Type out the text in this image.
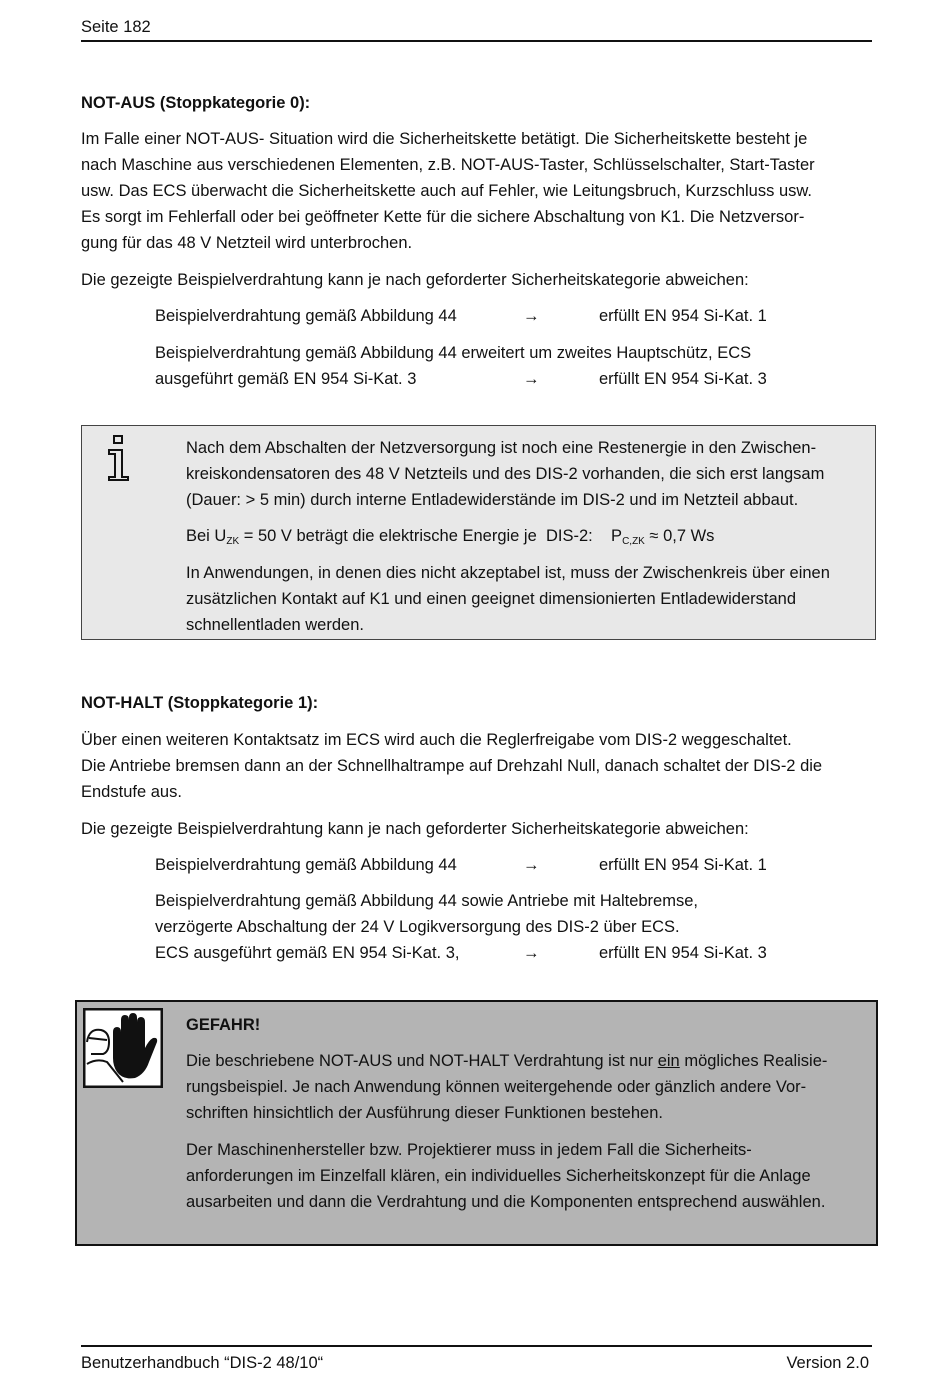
Seite 182
NOT-AUS (Stoppkategorie 0):
Im Falle einer NOT-AUS- Situation wird die Sicherheitskette betätigt. Die Sicherheitskette besteht je
nach Maschine aus verschiedenen Elementen, z.B. NOT-AUS-Taster, Schlüsselschalter, Start-Taster
usw. Das ECS überwacht die Sicherheitskette auch auf Fehler, wie Leitungsbruch, Kurzschluss usw.
Es sorgt im Fehlerfall oder bei geöffneter Kette für die sichere Abschaltung von K1. Die Netzversor-
gung für das 48 V Netzteil wird unterbrochen.
Die gezeigte Beispielverdrahtung kann je nach geforderter Sicherheitskategorie abweichen:
Beispielverdrahtung gemäß Abbildung 44	→	erfüllt EN 954 Si-Kat. 1
Beispielverdrahtung gemäß Abbildung 44 erweitert um zweites Hauptschütz, ECS
ausgeführt gemäß EN 954 Si-Kat. 3	→	erfüllt EN 954 Si-Kat. 3
Nach dem Abschalten der Netzversorgung ist noch eine Restenergie in den Zwischen-
kreiskondensatoren des 48 V Netzteils und des DIS-2 vorhanden, die sich erst langsam
(Dauer: > 5 min) durch interne Entladewiderstände im DIS-2 und im Netzteil abbaut.
Bei $U_{ZK} = 50$ V beträgt die elektrische Energie je  DIS-2:    $P_{C,ZK} \approx 0,7$ Ws
In Anwendungen, in denen dies nicht akzeptabel ist, muss der Zwischenkreis über einen
zusätzlichen Kontakt auf K1 und einen geeignet dimensionierten Entladewiderstand
schnellentladen werden.
NOT-HALT (Stoppkategorie 1):
Über einen weiteren Kontaktsatz im ECS wird auch die Reglerfreigabe vom DIS-2 weggeschaltet.
Die Antriebe bremsen dann an der Schnellhaltrampe auf Drehzahl Null, danach schaltet der DIS-2 die
Endstufe aus.
Die gezeigte Beispielverdrahtung kann je nach geforderter Sicherheitskategorie abweichen:
Beispielverdrahtung gemäß Abbildung 44	→	erfüllt EN 954 Si-Kat. 1
Beispielverdrahtung gemäß Abbildung 44 sowie Antriebe mit Haltebremse,
verzögerte Abschaltung der 24 V Logikversorgung des DIS-2 über ECS.
ECS ausgeführt gemäß EN 954 Si-Kat. 3,	→	erfüllt EN 954 Si-Kat. 3
GEFAHR!
Die beschriebene NOT-AUS und NOT-HALT Verdrahtung ist nur ein mögliches Realisie-
rungsbeispiel. Je nach Anwendung können weitergehende oder gänzlich andere Vor-
schriften hinsichtlich der Ausführung dieser Funktionen bestehen.
Der Maschinenhersteller bzw. Projektierer muss in jedem Fall die Sicherheits-
anforderungen im Einzelfall klären, ein individuelles Sicherheitskonzept für die Anlage
ausarbeiten und dann die Verdrahtung und die Komponenten entsprechend auswählen.
Benutzerhandbuch “DIS-2 48/10“	Version 2.0
